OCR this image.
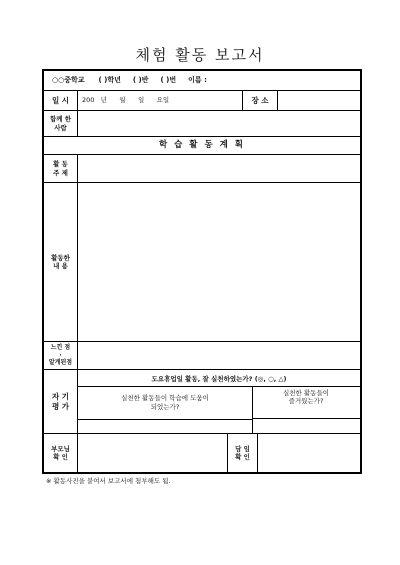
체험 활동 보고서
○○중학교 ( )학년 ( )반 ( )번 이름 :
일 시	200   년      월      일      요일	장 소
함께 한
사람
학 습 활 동 계 획
활 동
주 제
활동한
내 용
느낀 점
·
알게된점
자 기
평 가
도요휴업일 활동, 잘 실천하였는가? (◎, ○, △)
실천한 활동들이 학습에 도움이
되었는가?
실천한 활동들이
즐거웠는가?
부모님
확 인
담 임
확 인
※ 활동사진을 붙여서 보고서에 첨부해도 됨.
